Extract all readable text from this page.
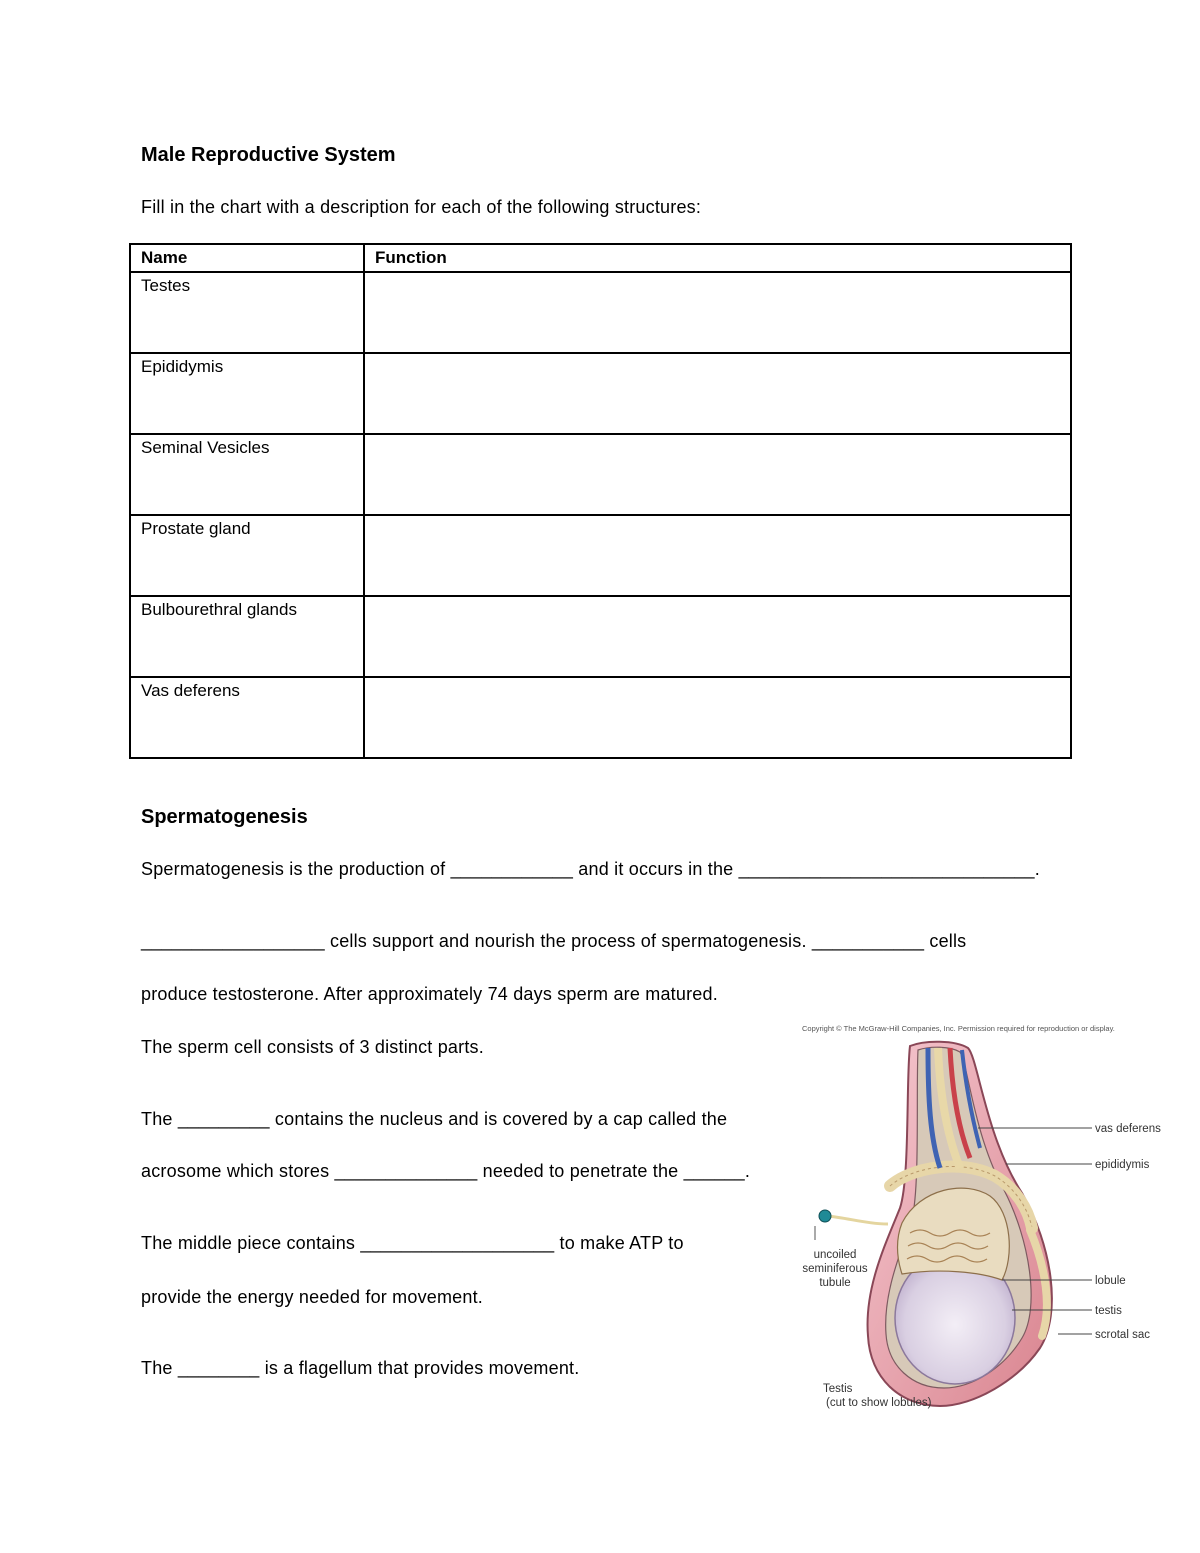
Male Reproductive System
Fill in the chart with a description for each of the following structures:
Name	Function
Testes	
Epididymis	
Seminal Vesicles	
Prostate gland	
Bulbourethral glands	
Vas deferens	
Spermatogenesis
Spermatogenesis is the production of ____________ and it occurs in the _____________________________.
__________________ cells support and nourish the process of spermatogenesis. ___________ cells
produce testosterone. After approximately 74 days sperm are matured.
The sperm cell consists of 3 distinct parts.
The _________ contains the nucleus and is covered by a cap called the
acrosome which stores ______________ needed to penetrate the ______.
The middle piece contains ___________________ to make ATP to
provide the energy needed for movement.
The ________ is a flagellum that provides movement.
Copyright © The McGraw-Hill Companies, Inc. Permission required for reproduction or display.
vas deferens
epididymis
uncoiled
seminiferous
tubule	lobule
testis
scrotal sac
Testis
(cut to show lobules)
